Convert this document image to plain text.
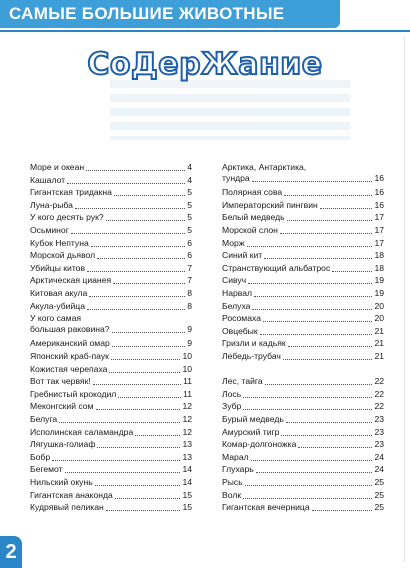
САМЫЕ БОЛЬШИЕ ЖИВОТНЫЕ
СоДерЖание
Море и океан	4
Кашалот	4
Гигантская тридакна	5
Луна-рыба	5
У кого десять рук?	5
Осьминог	5
Кубок Нептуна	6
Морской дьявол	6
Убийцы китов	7
Арктическая цианея	7
Китовая акула	8
Акула-убийца	8
У кого самая
большая раковина?	9
Американский омар	9
Японский краб-паук	10
Кожистая черепаха	10
Вот так червяк!	11
Гребнистый крокодил	11
Меконгский сом	12
Белуга	12
Исполинская саламандра	12
Лягушка-голиаф	13
Бобр	13
Бегемот	14
Нильский окунь	14
Гигантская анаконда	15
Кудрявый пеликан	15
Арктика, Антарктика,
тундра	16
Полярная сова	16
Императорский пингвин	16
Белый медведь	17
Морской слон	17
Морж	17
Синий кит	18
Странствующий альбатрос	18
Сивуч	19
Нарвал	19
Белуха	20
Росомаха	20
Овцебык	21
Гризли и кадьяк	21
Лебедь-трубач	21
Лес, тайга	22
Лось	22
Зубр	22
Бурый медведь	23
Амурский тигр	23
Комар-долгоножка	23
Марал	24
Глухарь	24
Рысь	25
Волк	25
Гигантская вечерница	25
2
